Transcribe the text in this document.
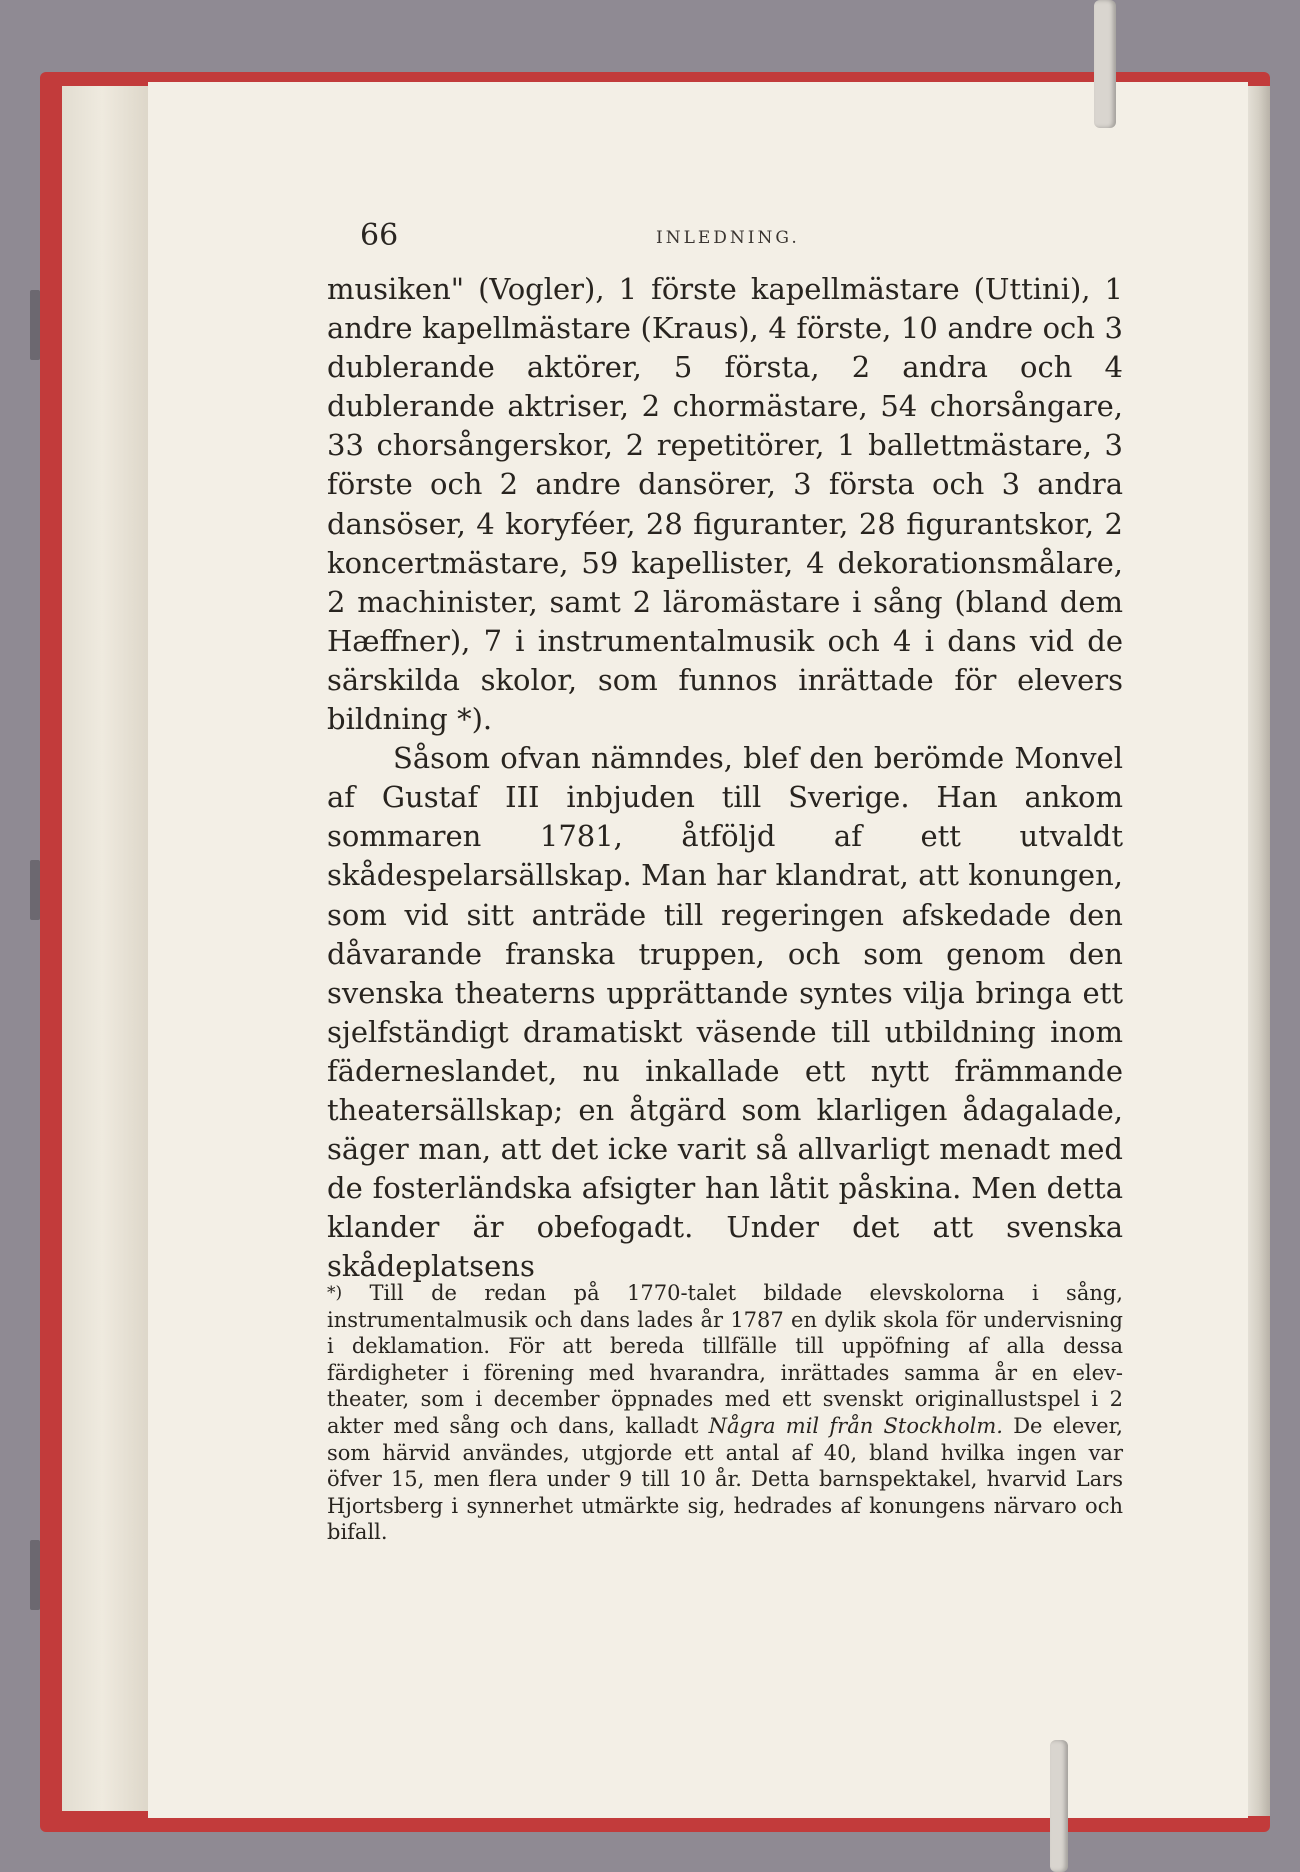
66	INLEDNING.

musiken" (Vogler), 1 förste kapellmästare (Uttini), 1 andre kapellmästare (Kraus), 4 förste, 10 andre och 3 dublerande aktörer, 5 första, 2 andra och 4 dublerande aktriser, 2 chormästare, 54 chorsångare, 33 chorsångerskor, 2 repetitörer, 1 ballettmästare, 3 förste och 2 andre dansörer, 3 första och 3 andra dansöser, 4 koryféer, 28 figuranter, 28 figurantskor, 2 koncertmästare, 59 kapellister, 4 dekorationsmålare, 2 machinister, samt 2 läromästare i sång (bland dem Hæffner), 7 i instrumentalmusik och 4 i dans vid de särskilda skolor, som funnos inrättade för elevers bildning *).

Såsom ofvan nämndes, blef den berömde Monvel af Gustaf III inbjuden till Sverige. Han ankom sommaren 1781, åtföljd af ett utvaldt skådespelarsällskap. Man har klandrat, att konungen, som vid sitt anträde till regeringen afskedade den dåvarande franska truppen, och som genom den svenska theaterns upprättande syntes vilja bringa ett sjelfständigt dramatiskt väsende till utbildning inom fäderneslandet, nu inkallade ett nytt främmande theatersällskap; en åtgärd som klarligen ådagalade, säger man, att det icke varit så allvarligt menadt med de fosterländska afsigter han låtit påskina. Men detta klander är obefogadt. Under det att svenska skådeplatsens

*) Till de redan på 1770-talet bildade elevskolorna i sång, instrumentalmusik och dans lades år 1787 en dylik skola för undervisning i deklamation. För att bereda tillfälle till uppöfning af alla dessa färdigheter i förening med hvarandra, inrättades samma år en elev-theater, som i december öppnades med ett svenskt originallustspel i 2 akter med sång och dans, kalladt Några mil från Stockholm. De elever, som härvid användes, utgjorde ett antal af 40, bland hvilka ingen var öfver 15, men flera under 9 till 10 år. Detta barnspektakel, hvarvid Lars Hjortsberg i synnerhet utmärkte sig, hedrades af konungens närvaro och bifall.
